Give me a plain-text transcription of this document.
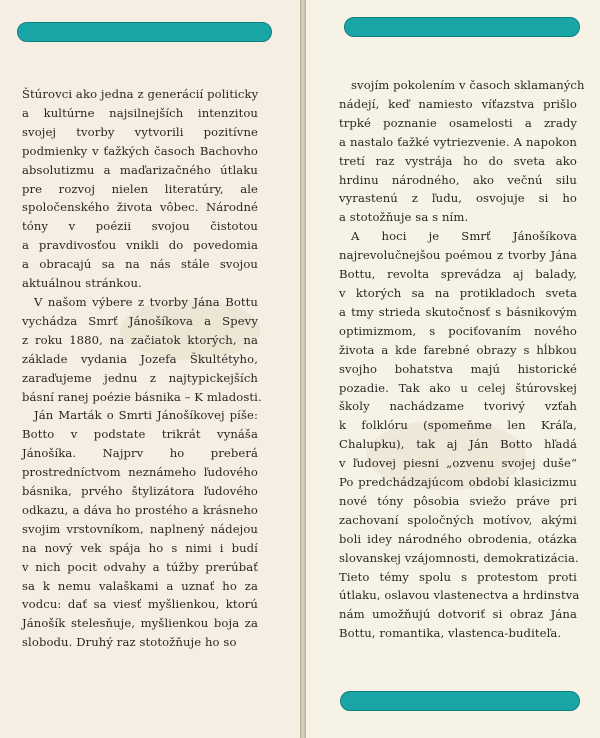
Štúrovci ako jedna z generácií politicky
a kultúrne najsilnejších intenzitou
svojej tvorby vytvorili pozitívne
podmienky v ťažkých časoch Bachovho
absolutizmu a maďarizačného útlaku
pre rozvoj nielen literatúry, ale
spoločenského života vôbec. Národné
tóny v poézii svojou čistotou
a pravdivosťou vnikli do povedomia
a obracajú sa na nás stále svojou
aktuálnou stránkou.
V našom výbere z tvorby Jána Bottu
vychádza Smrť Jánošíkova a Spevy
z roku 1880, na začiatok ktorých, na
základe vydania Jozefa Škultétyho,
zaraďujeme jednu z najtypickejších
básní ranej poézie básnika – K mladosti.
Ján Marták o Smrti Jánošíkovej píše:
Botto v podstate trikrát vynáša
Jánošíka. Najprv ho preberá
prostredníctvom neznámeho ľudového
básnika, prvého štylizátora ľudového
odkazu, a dáva ho prostého a krásneho
svojim vrstovníkom, naplnený nádejou
na nový vek spája ho s nimi i budí
v nich pocit odvahy a túžby prerúbať
sa k nemu valaškami a uznať ho za
vodcu: dať sa viesť myšlienkou, ktorú
Jánošík stelesňuje, myšlienkou boja za
slobodu. Druhý raz stotožňuje ho so
svojím pokolením v časoch sklamaných
nádejí, keď namiesto víťazstva prišlo
trpké poznanie osamelosti a zrady
a nastalo ťažké vytriezvenie. A napokon
tretí raz vystrája ho do sveta ako
hrdinu národného, ako večnú silu
vyrastenú z ľudu, osvojuje si ho
a stotožňuje sa s ním.
A hoci je Smrť Jánošíkova
najrevolučnejšou poémou z tvorby Jána
Bottu, revolta sprevádza aj balady,
v ktorých sa na protikladoch sveta
a tmy strieda skutočnosť s básnikovým
optimizmom, s pociťovaním nového
života a kde farebné obrazy s hĺbkou
svojho bohatstva majú historické
pozadie. Tak ako u celej štúrovskej
školy nachádzame tvorivý vzťah
k folklóru (spomeňme len Kráľa,
Chalupku), tak aj Ján Botto hľadá
v ľudovej piesni „ozvenu svojej duše“
Po predchádzajúcom období klasicizmu
nové tóny pôsobia sviežo práve pri
zachovaní spoločných motívov, akými
boli idey národného obrodenia, otázka
slovanskej vzájomnosti, demokratizácia.
Tieto témy spolu s protestom proti
útlaku, oslavou vlastenectva a hrdinstva
nám umožňujú dotvoriť si obraz Jána
Bottu, romantika, vlastenca-buditeľa.
